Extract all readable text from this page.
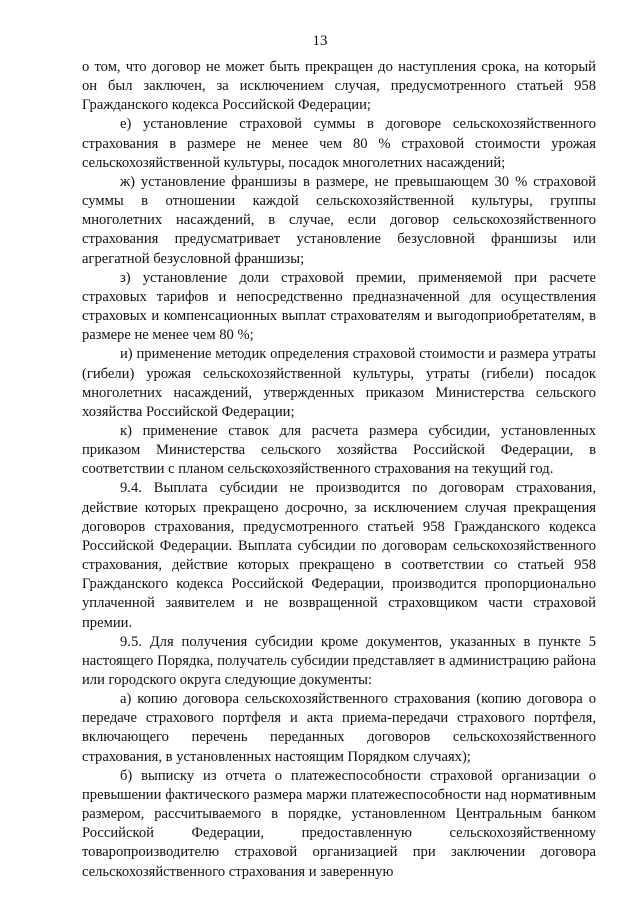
13

о том, что договор не может быть прекращен до наступления срока, на который он был заключен, за исключением случая, предусмотренного статьей 958 Гражданского кодекса Российской Федерации;

е) установление страховой суммы в договоре сельскохозяйственного страхования в размере не менее чем 80 % страховой стоимости урожая сельскохозяйственной культуры, посадок многолетних насаждений;

ж) установление франшизы в размере, не превышающем 30 % страховой суммы в отношении каждой сельскохозяйственной культуры, группы многолетних насаждений, в случае, если договор сельскохозяйственного страхования предусматривает установление безусловной франшизы или агрегатной безусловной франшизы;

з) установление доли страховой премии, применяемой при расчете страховых тарифов и непосредственно предназначенной для осуществления страховых и компенсационных выплат страхователям и выгодоприобретателям, в размере не менее чем 80 %;

и) применение методик определения страховой стоимости и размера утраты (гибели) урожая сельскохозяйственной культуры, утраты (гибели) посадок многолетних насаждений, утвержденных приказом Министерства сельского хозяйства Российской Федерации;

к) применение ставок для расчета размера субсидии, установленных приказом Министерства сельского хозяйства Российской Федерации, в соответствии с планом сельскохозяйственного страхования на текущий год.

9.4. Выплата субсидии не производится по договорам страхования, действие которых прекращено досрочно, за исключением случая прекращения договоров страхования, предусмотренного статьей 958 Гражданского кодекса Российской Федерации. Выплата субсидии по договорам сельскохозяйственного страхования, действие которых прекращено в соответствии со статьей 958 Гражданского кодекса Российской Федерации, производится пропорционально уплаченной заявителем и не возвращенной страховщиком части страховой премии.

9.5. Для получения субсидии кроме документов, указанных в пункте 5 настоящего Порядка, получатель субсидии представляет в администрацию района или городского округа следующие документы:

а) копию договора сельскохозяйственного страхования (копию договора о передаче страхового портфеля и акта приема-передачи страхового портфеля, включающего перечень переданных договоров сельскохозяйственного страхования, в установленных настоящим Порядком случаях);

б) выписку из отчета о платежеспособности страховой организации о превышении фактического размера маржи платежеспособности над нормативным размером, рассчитываемого в порядке, установленном Центральным банком Российской Федерации, предоставленную сельскохозяйственному товаропроизводителю страховой организацией при заключении договора сельскохозяйственного страхования и заверенную
